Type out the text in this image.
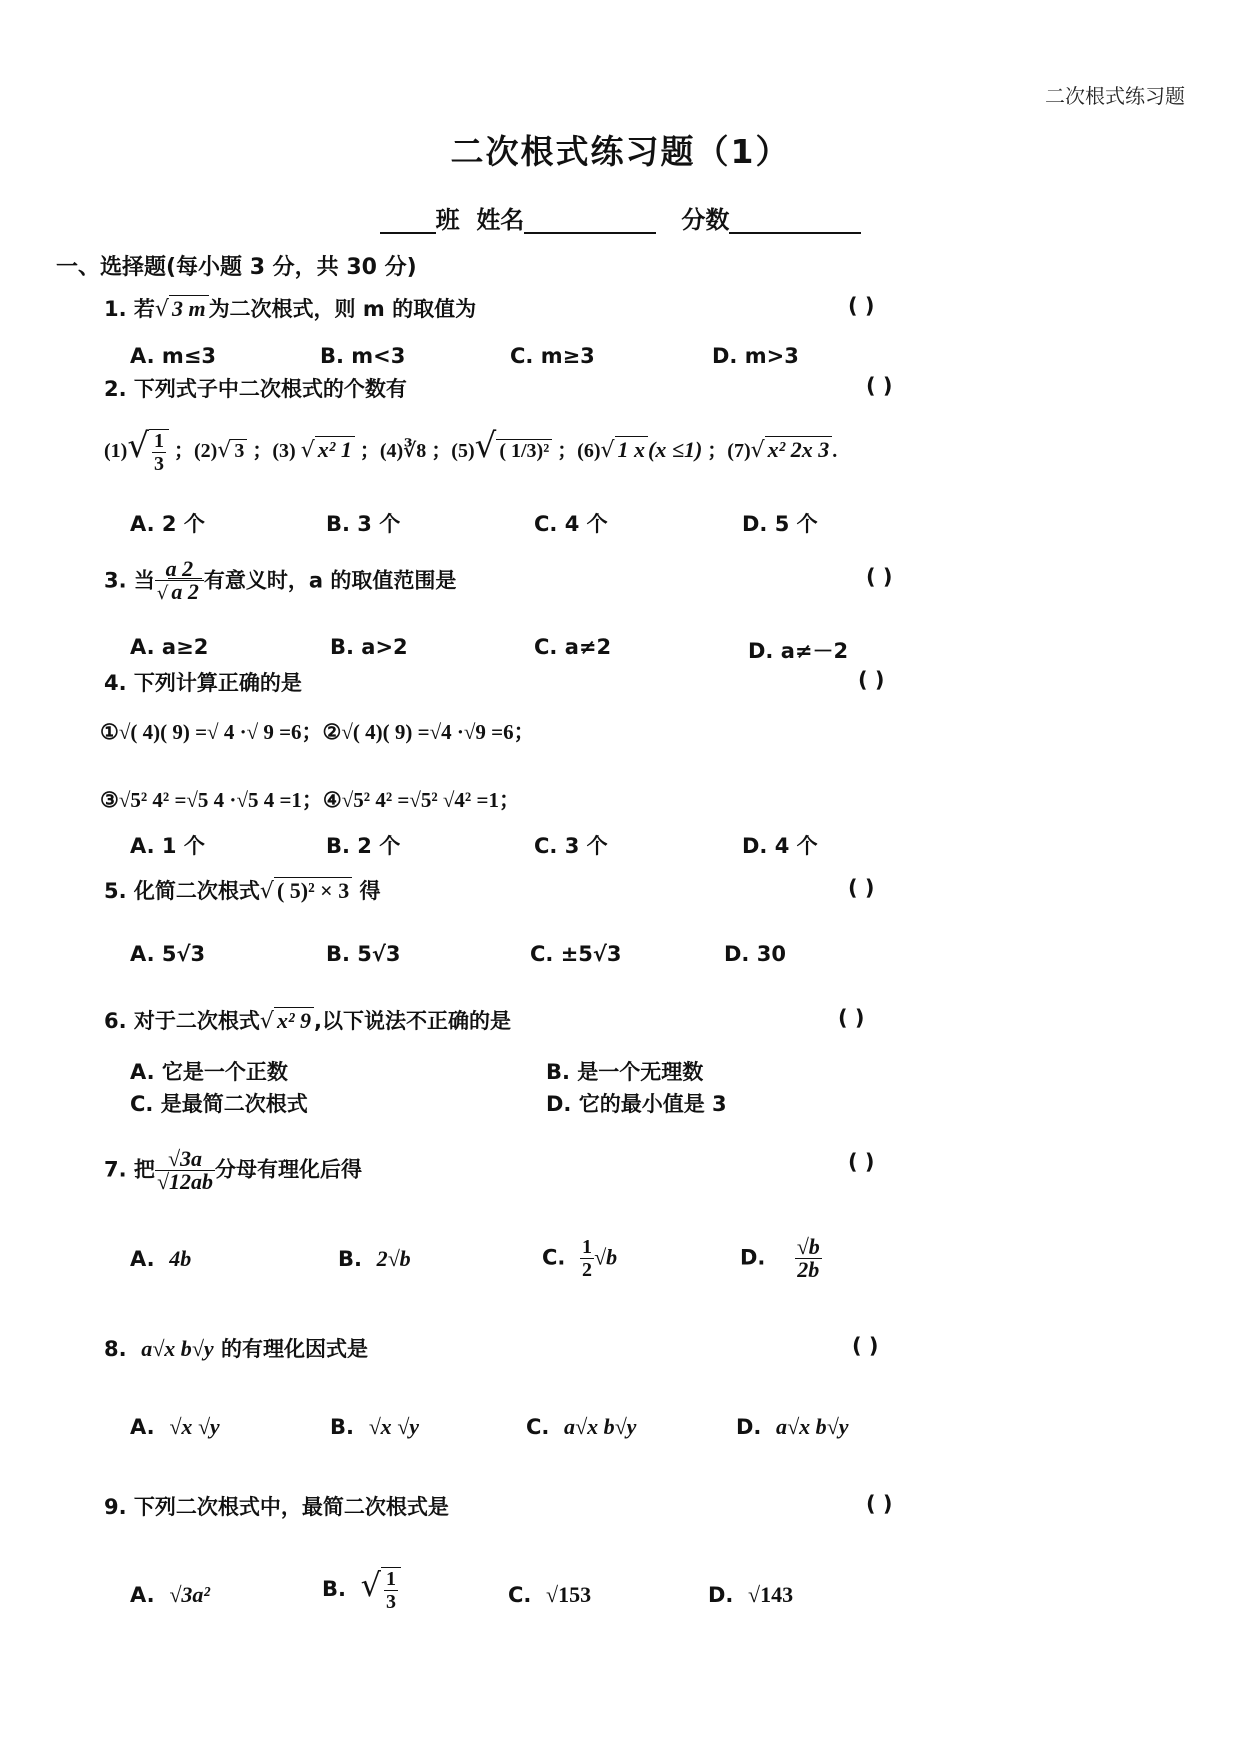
二次根式练习题
二次根式练习题（1）
班 姓名	分数
一、选择题(每小题 3 分，共 30 分)
1. 若√ 3 m 为二次根式，则 m 的取值为	( )
A. m≤3	B. m<3	C. m≥3	D. m>3
2. 下列式子中二次根式的个数有	( )
$(1)√ \frac{1}{3}$ ；(2)√ 3 ；(3) √ x² 1 ；(4)∛8 ；(5)√ ( 1/3)² ；(6)√ 1 x (x ≤1) ；(7)√ x² 2x 3 .
A. 2 个	B. 3 个	C. 4 个	D. 5 个
3. 当 $\frac{a 2}{√ a 2}$ 有意义时，a 的取值范围是	( )
A. a≥2	B. a>2	C. a≠2	D. a≠－2
4. 下列计算正确的是	( )
①√( 4)( 9) =√ 4 ·√ 9 =6；②√( 4)( 9) =√4 ·√9 =6；
③√5² 4² =√5 4 ·√5 4 =1；④√5² 4² =√5² √4² =1；
A. 1 个	B. 2 个	C. 3 个	D. 4 个
5. 化简二次根式√ ( 5)² × 3 得	( )
A. 5√3	B. 5√3	C. ±5√3	D. 30
6. 对于二次根式√ x² 9 ,以下说法不正确的是	( )
A. 它是一个正数	B. 是一个无理数
C. 是最简二次根式	D. 它的最小值是 3
7. 把 $\frac{√3a}{√12ab}$ 分母有理化后得	( )
A. 4b	B. 2√b	C. $\frac{1}{2} √b$	D. $\frac{√b}{2b}$
8. a√x b√y 的有理化因式是	( )
A. √x √y	B. √x √y	C. a√x b√y	D. a√x b√y
9. 下列二次根式中，最简二次根式是	( )
A. √3a²	B. √ $\frac{1}{3}$	C. √153	D. √143
